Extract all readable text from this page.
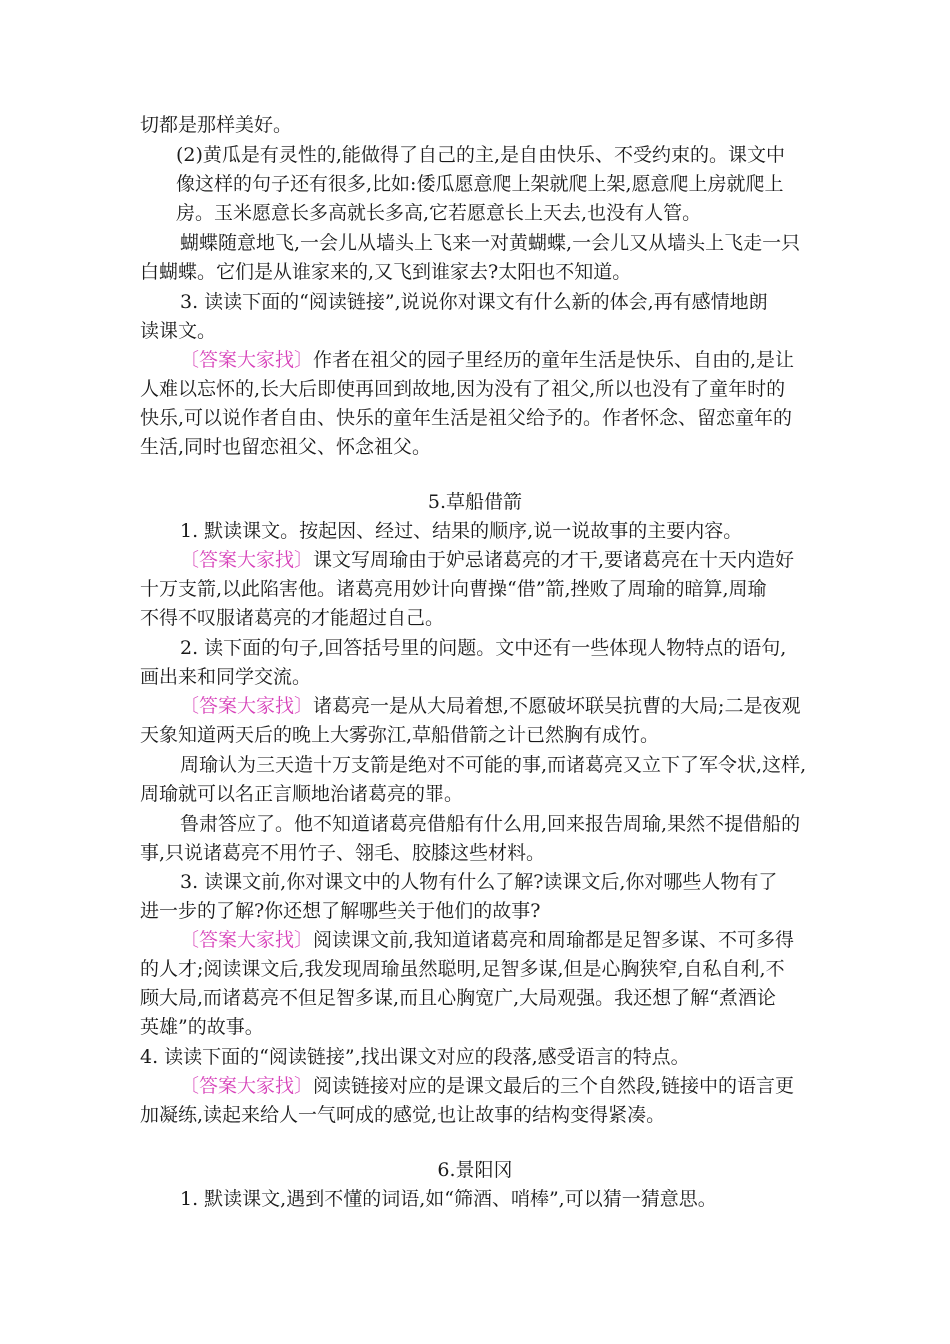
切都是那样美好。
(2)黄瓜是有灵性的,能做得了自己的主,是自由快乐、不受约束的。课文中
像这样的句子还有很多,比如:倭瓜愿意爬上架就爬上架,愿意爬上房就爬上
房。玉米愿意长多高就长多高,它若愿意长上天去,也没有人管。
蝴蝶随意地飞,一会儿从墙头上飞来一对黄蝴蝶,一会儿又从墙头上飞走一只
白蝴蝶。它们是从谁家来的,又飞到谁家去?太阳也不知道。
3. 读读下面的“阅读链接”,说说你对课文有什么新的体会,再有感情地朗
读课文。
〔答案大家找〕作者在祖父的园子里经历的童年生活是快乐、自由的,是让
人难以忘怀的,长大后即使再回到故地,因为没有了祖父,所以也没有了童年时的
快乐,可以说作者自由、快乐的童年生活是祖父给予的。作者怀念、留恋童年的
生活,同时也留恋祖父、怀念祖父。
5.草船借箭
1. 默读课文。按起因、经过、结果的顺序,说一说故事的主要内容。
〔答案大家找〕课文写周瑜由于妒忌诸葛亮的才干,要诸葛亮在十天内造好
十万支箭,以此陷害他。诸葛亮用妙计向曹操“借”箭,挫败了周瑜的暗算,周瑜
不得不叹服诸葛亮的才能超过自己。
2. 读下面的句子,回答括号里的问题。文中还有一些体现人物特点的语句,
画出来和同学交流。
〔答案大家找〕诸葛亮一是从大局着想,不愿破坏联吴抗曹的大局;二是夜观
天象知道两天后的晚上大雾弥江,草船借箭之计已然胸有成竹。
周瑜认为三天造十万支箭是绝对不可能的事,而诸葛亮又立下了军令状,这样,
周瑜就可以名正言顺地治诸葛亮的罪。
鲁肃答应了。他不知道诸葛亮借船有什么用,回来报告周瑜,果然不提借船的
事,只说诸葛亮不用竹子、翎毛、胶膝这些材料。
3. 读课文前,你对课文中的人物有什么了解?读课文后,你对哪些人物有了
进一步的了解?你还想了解哪些关于他们的故事?
〔答案大家找〕阅读课文前,我知道诸葛亮和周瑜都是足智多谋、不可多得
的人才;阅读课文后,我发现周瑜虽然聪明,足智多谋,但是心胸狭窄,自私自利,不
顾大局,而诸葛亮不但足智多谋,而且心胸宽广,大局观强。我还想了解“煮酒论
英雄”的故事。
4. 读读下面的“阅读链接”,找出课文对应的段落,感受语言的特点。
〔答案大家找〕阅读链接对应的是课文最后的三个自然段,链接中的语言更
加凝练,读起来给人一气呵成的感觉,也让故事的结构变得紧凑。
6.景阳冈
1. 默读课文,遇到不懂的词语,如“筛酒、哨棒”,可以猜一猜意思。
